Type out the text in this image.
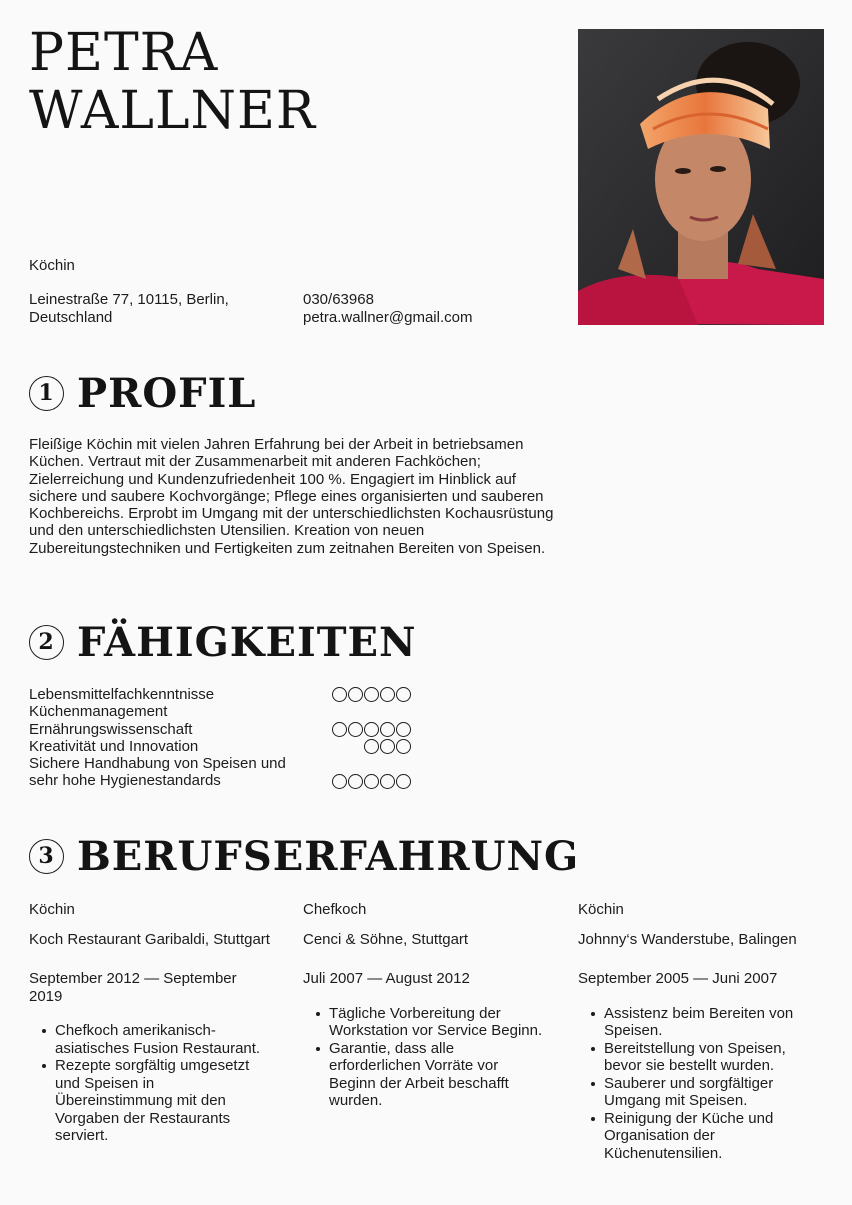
PETRA
WALLNER
Köchin
Leinestraße 77, 10115, Berlin,
Deutschland
030/63968
petra.wallner@gmail.com
1 PROFIL

Fleißige Köchin mit vielen Jahren Erfahrung bei der Arbeit in betriebsamen Küchen. Vertraut mit der Zusammenarbeit mit anderen Fachköchen; Zielerreichung und Kundenzufriedenheit 100 %. Engagiert im Hinblick auf sichere und saubere Kochvorgänge; Pflege eines organisierten und sauberen Kochbereichs. Erprobt im Umgang mit der unterschiedlichsten Kochausrüstung und den unterschiedlichsten Utensilien. Kreation von neuen Zubereitungstechniken und Fertigkeiten zum zeitnahen Bereiten von Speisen.

2 FÄHIGKEITEN
Lebensmittelfachkenntnisse
Küchenmanagement
Ernährungswissenschaft
Kreativität und Innovation
Sichere Handhabung von Speisen und sehr hohe Hygienestandards
3 BERUFSERFAHRUNG
Köchin
Koch Restaurant Garibaldi, Stuttgart
September 2012 — September 2019
Chefkoch amerikanisch-asiatisches Fusion Restaurant.
Rezepte sorgfältig umgesetzt und Speisen in Übereinstimmung mit den Vorgaben der Restaurants serviert.
Chefkoch
Cenci & Söhne, Stuttgart
Juli 2007 — August 2012
Tägliche Vorbereitung der Workstation vor Service Beginn.
Garantie, dass alle erforderlichen Vorräte vor Beginn der Arbeit beschafft wurden.
Köchin
Johnny‘s Wanderstube, Balingen
September 2005 — Juni 2007
Assistenz beim Bereiten von Speisen.
Bereitstellung von Speisen, bevor sie bestellt wurden.
Sauberer und sorgfältiger Umgang mit Speisen.
Reinigung der Küche und Organisation der Küchenutensilien.
